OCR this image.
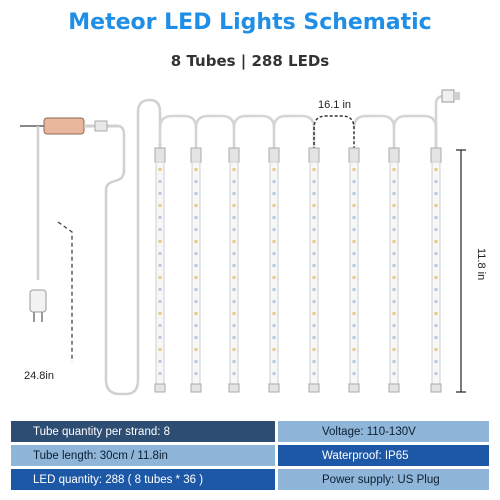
Meteor LED Lights Schematic
8 Tubes | 288 LEDs
24.8in
16.1 in
11.8 in
Tube quantity per strand: 8	Voltage: 110-130V
Tube length: 30cm / 11.8in	Waterproof: IP65
LED quantity: 288 ( 8 tubes * 36 )	Power supply: US Plug
